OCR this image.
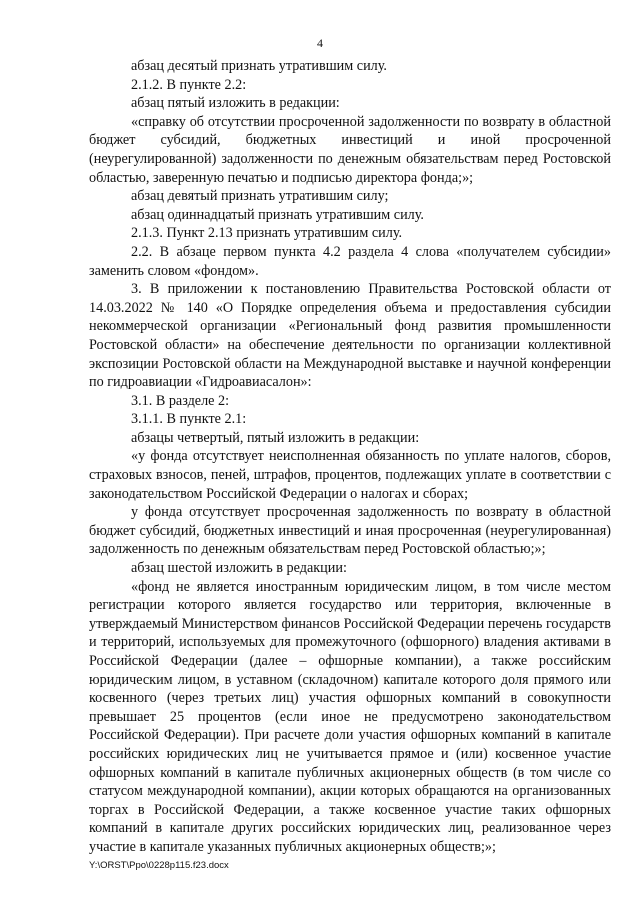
4

абзац десятый признать утратившим силу.

2.1.2. В пункте 2.2:

абзац пятый изложить в редакции:

«справку об отсутствии просроченной задолженности по возврату в областной бюджет субсидий, бюджетных инвестиций и иной просроченной (неурегулированной) задолженности по денежным обязательствам перед Ростовской областью, заверенную печатью и подписью директора фонда;»;

абзац девятый признать утратившим силу;

абзац одиннадцатый признать утратившим силу.

2.1.3. Пункт 2.13 признать утратившим силу.

2.2. В абзаце первом пункта 4.2 раздела 4 слова «получателем субсидии» заменить словом «фондом».

3. В приложении к постановлению Правительства Ростовской области от 14.03.2022 № 140 «О Порядке определения объема и предоставления субсидии некоммерческой организации «Региональный фонд развития промышленности Ростовской области» на обеспечение деятельности по организации коллективной экспозиции Ростовской области на Международной выставке и научной конференции по гидроавиации «Гидроавиасалон»:

3.1. В разделе 2:

3.1.1. В пункте 2.1:

абзацы четвертый, пятый изложить в редакции:

«у фонда отсутствует неисполненная обязанность по уплате налогов, сборов, страховых взносов, пеней, штрафов, процентов, подлежащих уплате в соответствии с законодательством Российской Федерации о налогах и сборах;

у фонда отсутствует просроченная задолженность по возврату в областной бюджет субсидий, бюджетных инвестиций и иная просроченная (неурегулированная) задолженность по денежным обязательствам перед Ростовской областью;»;

абзац шестой изложить в редакции:

«фонд не является иностранным юридическим лицом, в том числе местом регистрации которого является государство или территория, включенные в утверждаемый Министерством финансов Российской Федерации перечень государств и территорий, используемых для промежуточного (офшорного) владения активами в Российской Федерации (далее – офшорные компании), а также российским юридическим лицом, в уставном (складочном) капитале которого доля прямого или косвенного (через третьих лиц) участия офшорных компаний в совокупности превышает 25 процентов (если иное не предусмотрено законодательством Российской Федерации). При расчете доли участия офшорных компаний в капитале российских юридических лиц не учитывается прямое и (или) косвенное участие офшорных компаний в капитале публичных акционерных обществ (в том числе со статусом международной компании), акции которых обращаются на организованных торгах в Российской Федерации, а также косвенное участие таких офшорных компаний в капитале других российских юридических лиц, реализованное через участие в капитале указанных публичных акционерных обществ;»;

Y:\ORST\Ppo\0228p115.f23.docx
